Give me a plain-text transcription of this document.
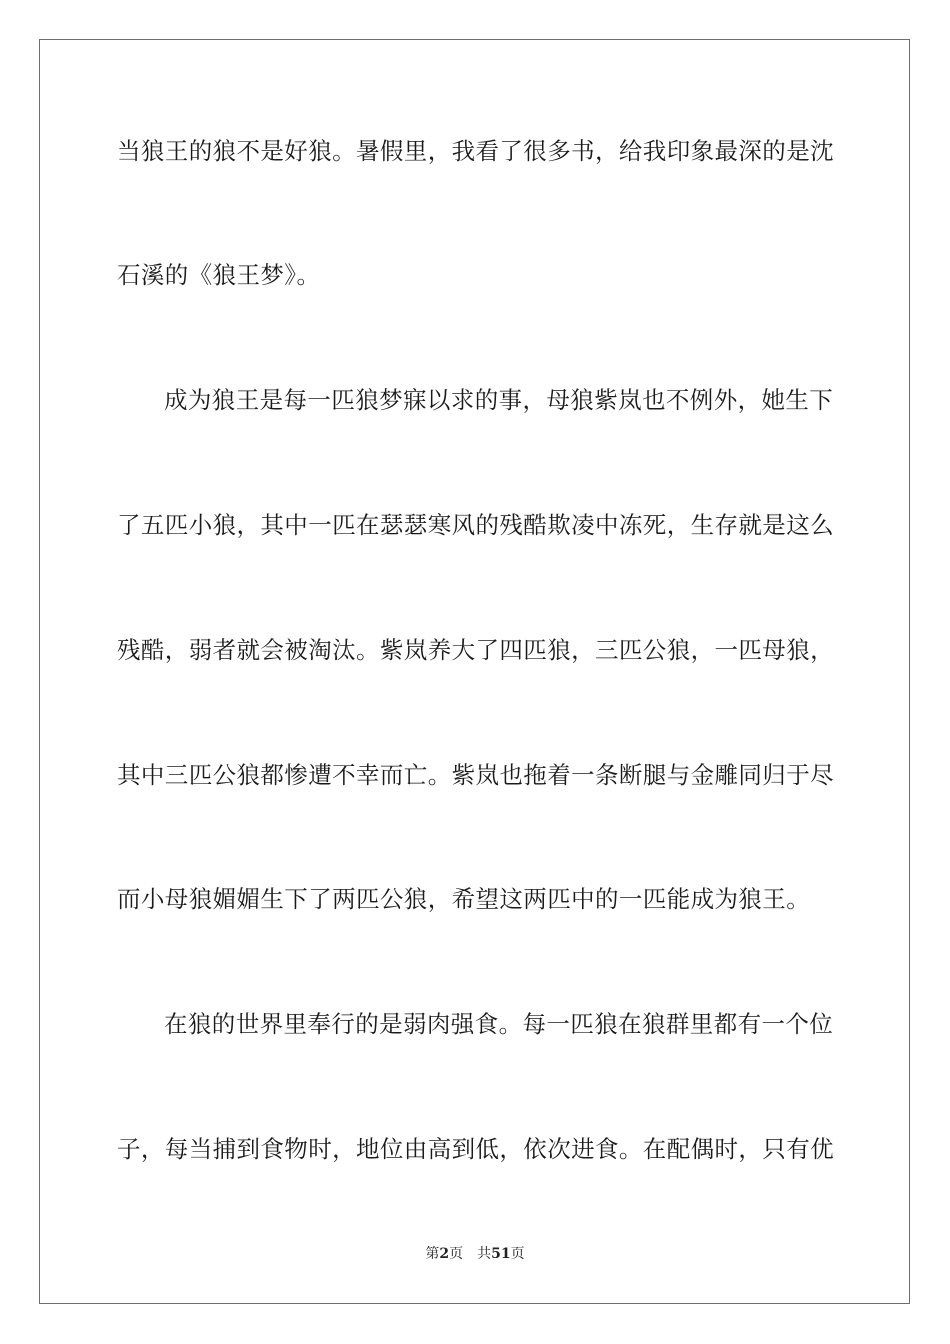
当狼王的狼不是好狼。暑假里，我看了很多书，给我印象最深的是沈
石溪的《狼王梦》。
成为狼王是每一匹狼梦寐以求的事，母狼紫岚也不例外，她生下
了五匹小狼，其中一匹在瑟瑟寒风的残酷欺凌中冻死，生存就是这么
残酷，弱者就会被淘汰。紫岚养大了四匹狼，三匹公狼，一匹母狼，
其中三匹公狼都惨遭不幸而亡。紫岚也拖着一条断腿与金雕同归于尽
而小母狼媚媚生下了两匹公狼，希望这两匹中的一匹能成为狼王。
在狼的世界里奉行的是弱肉强食。每一匹狼在狼群里都有一个位
子，每当捕到食物时，地位由高到低，依次进食。在配偶时，只有优
第2页 共51页
